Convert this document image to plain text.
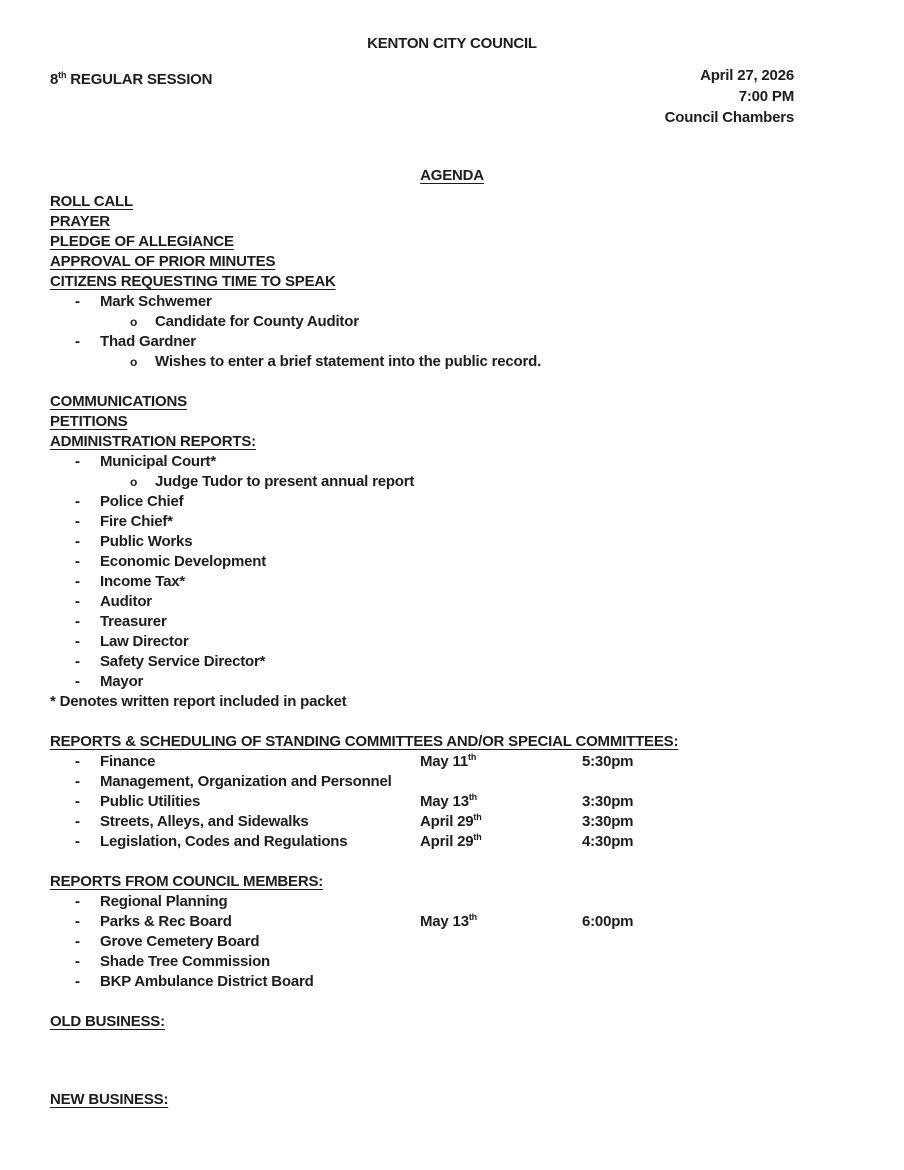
KENTON CITY COUNCIL
8th REGULAR SESSION	April 27, 2026
7:00 PM
Council Chambers
AGENDA
ROLL CALL
PRAYER
PLEDGE OF ALLEGIANCE
APPROVAL OF PRIOR MINUTES
CITIZENS REQUESTING TIME TO SPEAK
-	Mark Schwemer
o	Candidate for County Auditor
-	Thad Gardner
o	Wishes to enter a brief statement into the public record.
COMMUNICATIONS
PETITIONS
ADMINISTRATION REPORTS:
-	Municipal Court*
o	Judge Tudor to present annual report
-	Police Chief
-	Fire Chief*
-	Public Works
-	Economic Development
-	Income Tax*
-	Auditor
-	Treasurer
-	Law Director
-	Safety Service Director*
-	Mayor
* Denotes written report included in packet
REPORTS & SCHEDULING OF STANDING COMMITTEES AND/OR SPECIAL COMMITTEES:
-	Finance	May 11th	5:30pm
-	Management, Organization and Personnel
-	Public Utilities	May 13th	3:30pm
-	Streets, Alleys, and Sidewalks	April 29th	3:30pm
-	Legislation, Codes and Regulations	April 29th	4:30pm
REPORTS FROM COUNCIL MEMBERS:
-	Regional Planning
-	Parks & Rec Board	May 13th	6:00pm
-	Grove Cemetery Board
-	Shade Tree Commission
-	BKP Ambulance District Board
OLD BUSINESS:
NEW BUSINESS:
